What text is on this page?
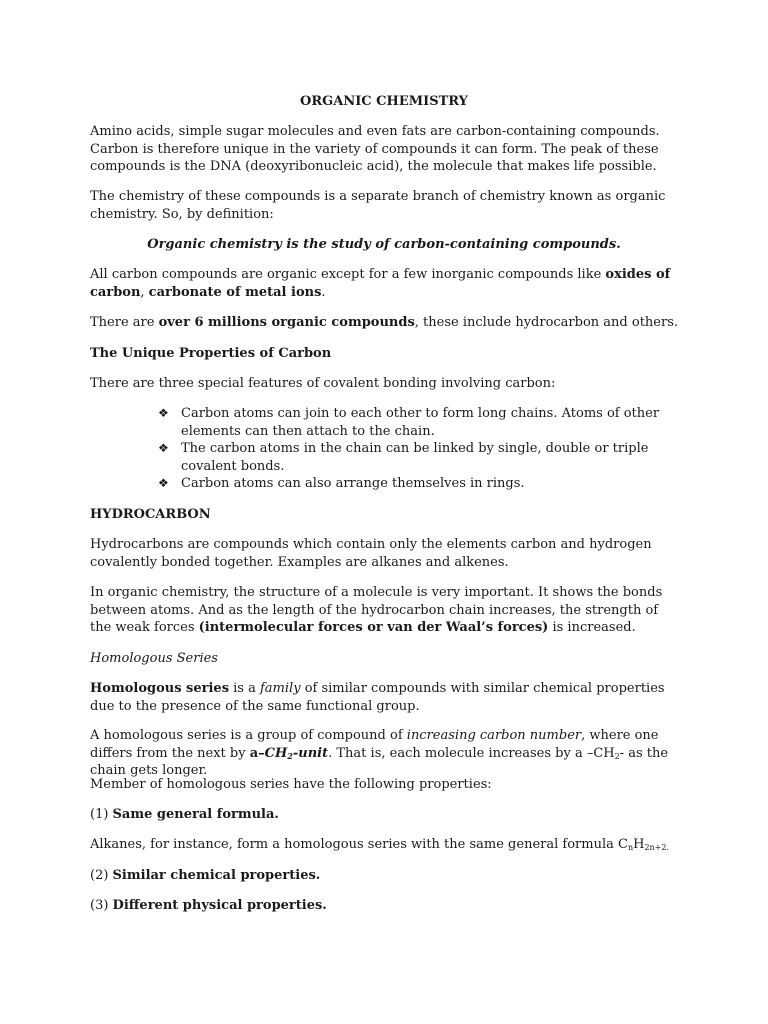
ORGANIC CHEMISTRY

Amino acids, simple sugar molecules and even fats are carbon-containing compounds. Carbon is therefore unique in the variety of compounds it can form. The peak of these compounds is the DNA (deoxyribonucleic acid), the molecule that makes life possible.

The chemistry of these compounds is a separate branch of chemistry known as organic chemistry. So, by definition:

Organic chemistry is the study of carbon-containing compounds.

All carbon compounds are organic except for a few inorganic compounds like oxides of carbon, carbonate of metal ions.

There are over 6 millions organic compounds, these include hydrocarbon and others.

The Unique Properties of Carbon

There are three special features of covalent bonding involving carbon:

❖ Carbon atoms can join to each other to form long chains. Atoms of other elements can then attach to the chain.
❖ The carbon atoms in the chain can be linked by single, double or triple covalent bonds.
❖ Carbon atoms can also arrange themselves in rings.

HYDROCARBON

Hydrocarbons are compounds which contain only the elements carbon and hydrogen covalently bonded together. Examples are alkanes and alkenes.

In organic chemistry, the structure of a molecule is very important. It shows the bonds between atoms. And as the length of the hydrocarbon chain increases, the strength of the weak forces (intermolecular forces or van der Waal’s forces) is increased.

Homologous Series

Homologous series is a family of similar compounds with similar chemical properties due to the presence of the same functional group.

A homologous series is a group of compound of increasing carbon number, where one differs from the next by $a-CH_2$-unit. That is, each molecule increases by a $-CH_2-$ as the chain gets longer.

Member of homologous series have the following properties:

(1) Same general formula.

Alkanes, for instance, form a homologous series with the same general formula $C_nH_{2n+2.}$

(2) Similar chemical properties.

(3) Different physical properties.
